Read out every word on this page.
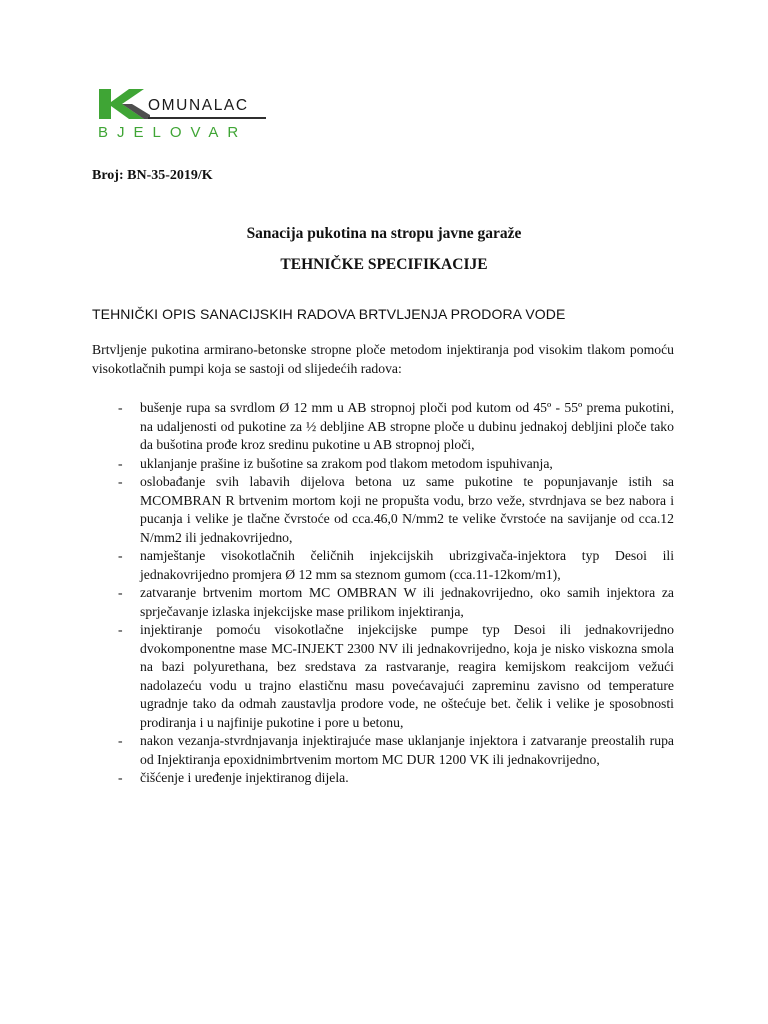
OMUNALAC
BJELOVAR
Broj: BN-35-2019/K
Sanacija pukotina na stropu javne garaže
TEHNIČKE SPECIFIKACIJE
TEHNIČKI OPIS SANACIJSKIH RADOVA BRTVLJENJA PRODORA VODE

Brtvljenje pukotina armirano-betonske stropne ploče metodom injektiranja pod visokim tlakom pomoću visokotlačnih pumpi koja se sastoji od slijedećih radova:

- bušenje rupa sa svrdlom Ø 12 mm u AB stropnoj ploči pod kutom od 45º - 55º prema pukotini, na udaljenosti od pukotine za ½ debljine AB stropne ploče u dubinu jednakoj debljini ploče tako da bušotina prođe kroz sredinu pukotine u AB stropnoj ploči,
- uklanjanje prašine iz bušotine sa zrakom pod tlakom metodom ispuhivanja,
- oslobađanje svih labavih dijelova betona uz same pukotine te popunjavanje istih sa MCOMBRAN R brtvenim mortom koji ne propušta vodu, brzo veže, stvrdnjava se bez nabora i pucanja i velike je tlačne čvrstoće od cca.46,0 N/mm2 te velike čvrstoće na savijanje od cca.12 N/mm2 ili jednakovrijedno,
- namještanje visokotlačnih čeličnih injekcijskih ubrizgivača-injektora typ Desoi ili jednakovrijedno promjera Ø 12 mm sa steznom gumom (cca.11-12kom/m1),
- zatvaranje brtvenim mortom MC OMBRAN W ili jednakovrijedno, oko samih injektora za sprječavanje izlaska injekcijske mase prilikom injektiranja,
- injektiranje pomoću visokotlačne injekcijske pumpe typ Desoi ili jednakovrijedno dvokomponentne mase MC-INJEKT 2300 NV ili jednakovrijedno, koja je nisko viskozna smola na bazi polyurethana, bez sredstava za rastvaranje, reagira kemijskom reakcijom vežući nadolazeću vodu u trajno elastičnu masu povećavajući zapreminu zavisno od temperature ugradnje tako da odmah zaustavlja prodore vode, ne oštećuje bet. čelik i velike je sposobnosti prodiranja i u najfinije pukotine i pore u betonu,
- nakon vezanja-stvrdnjavanja injektirajuće mase uklanjanje injektora i zatvaranje preostalih rupa od Injektiranja epoxidnimbrtvenim mortom MC DUR 1200 VK ili jednakovrijedno,
- čišćenje i uređenje injektiranog dijela.
